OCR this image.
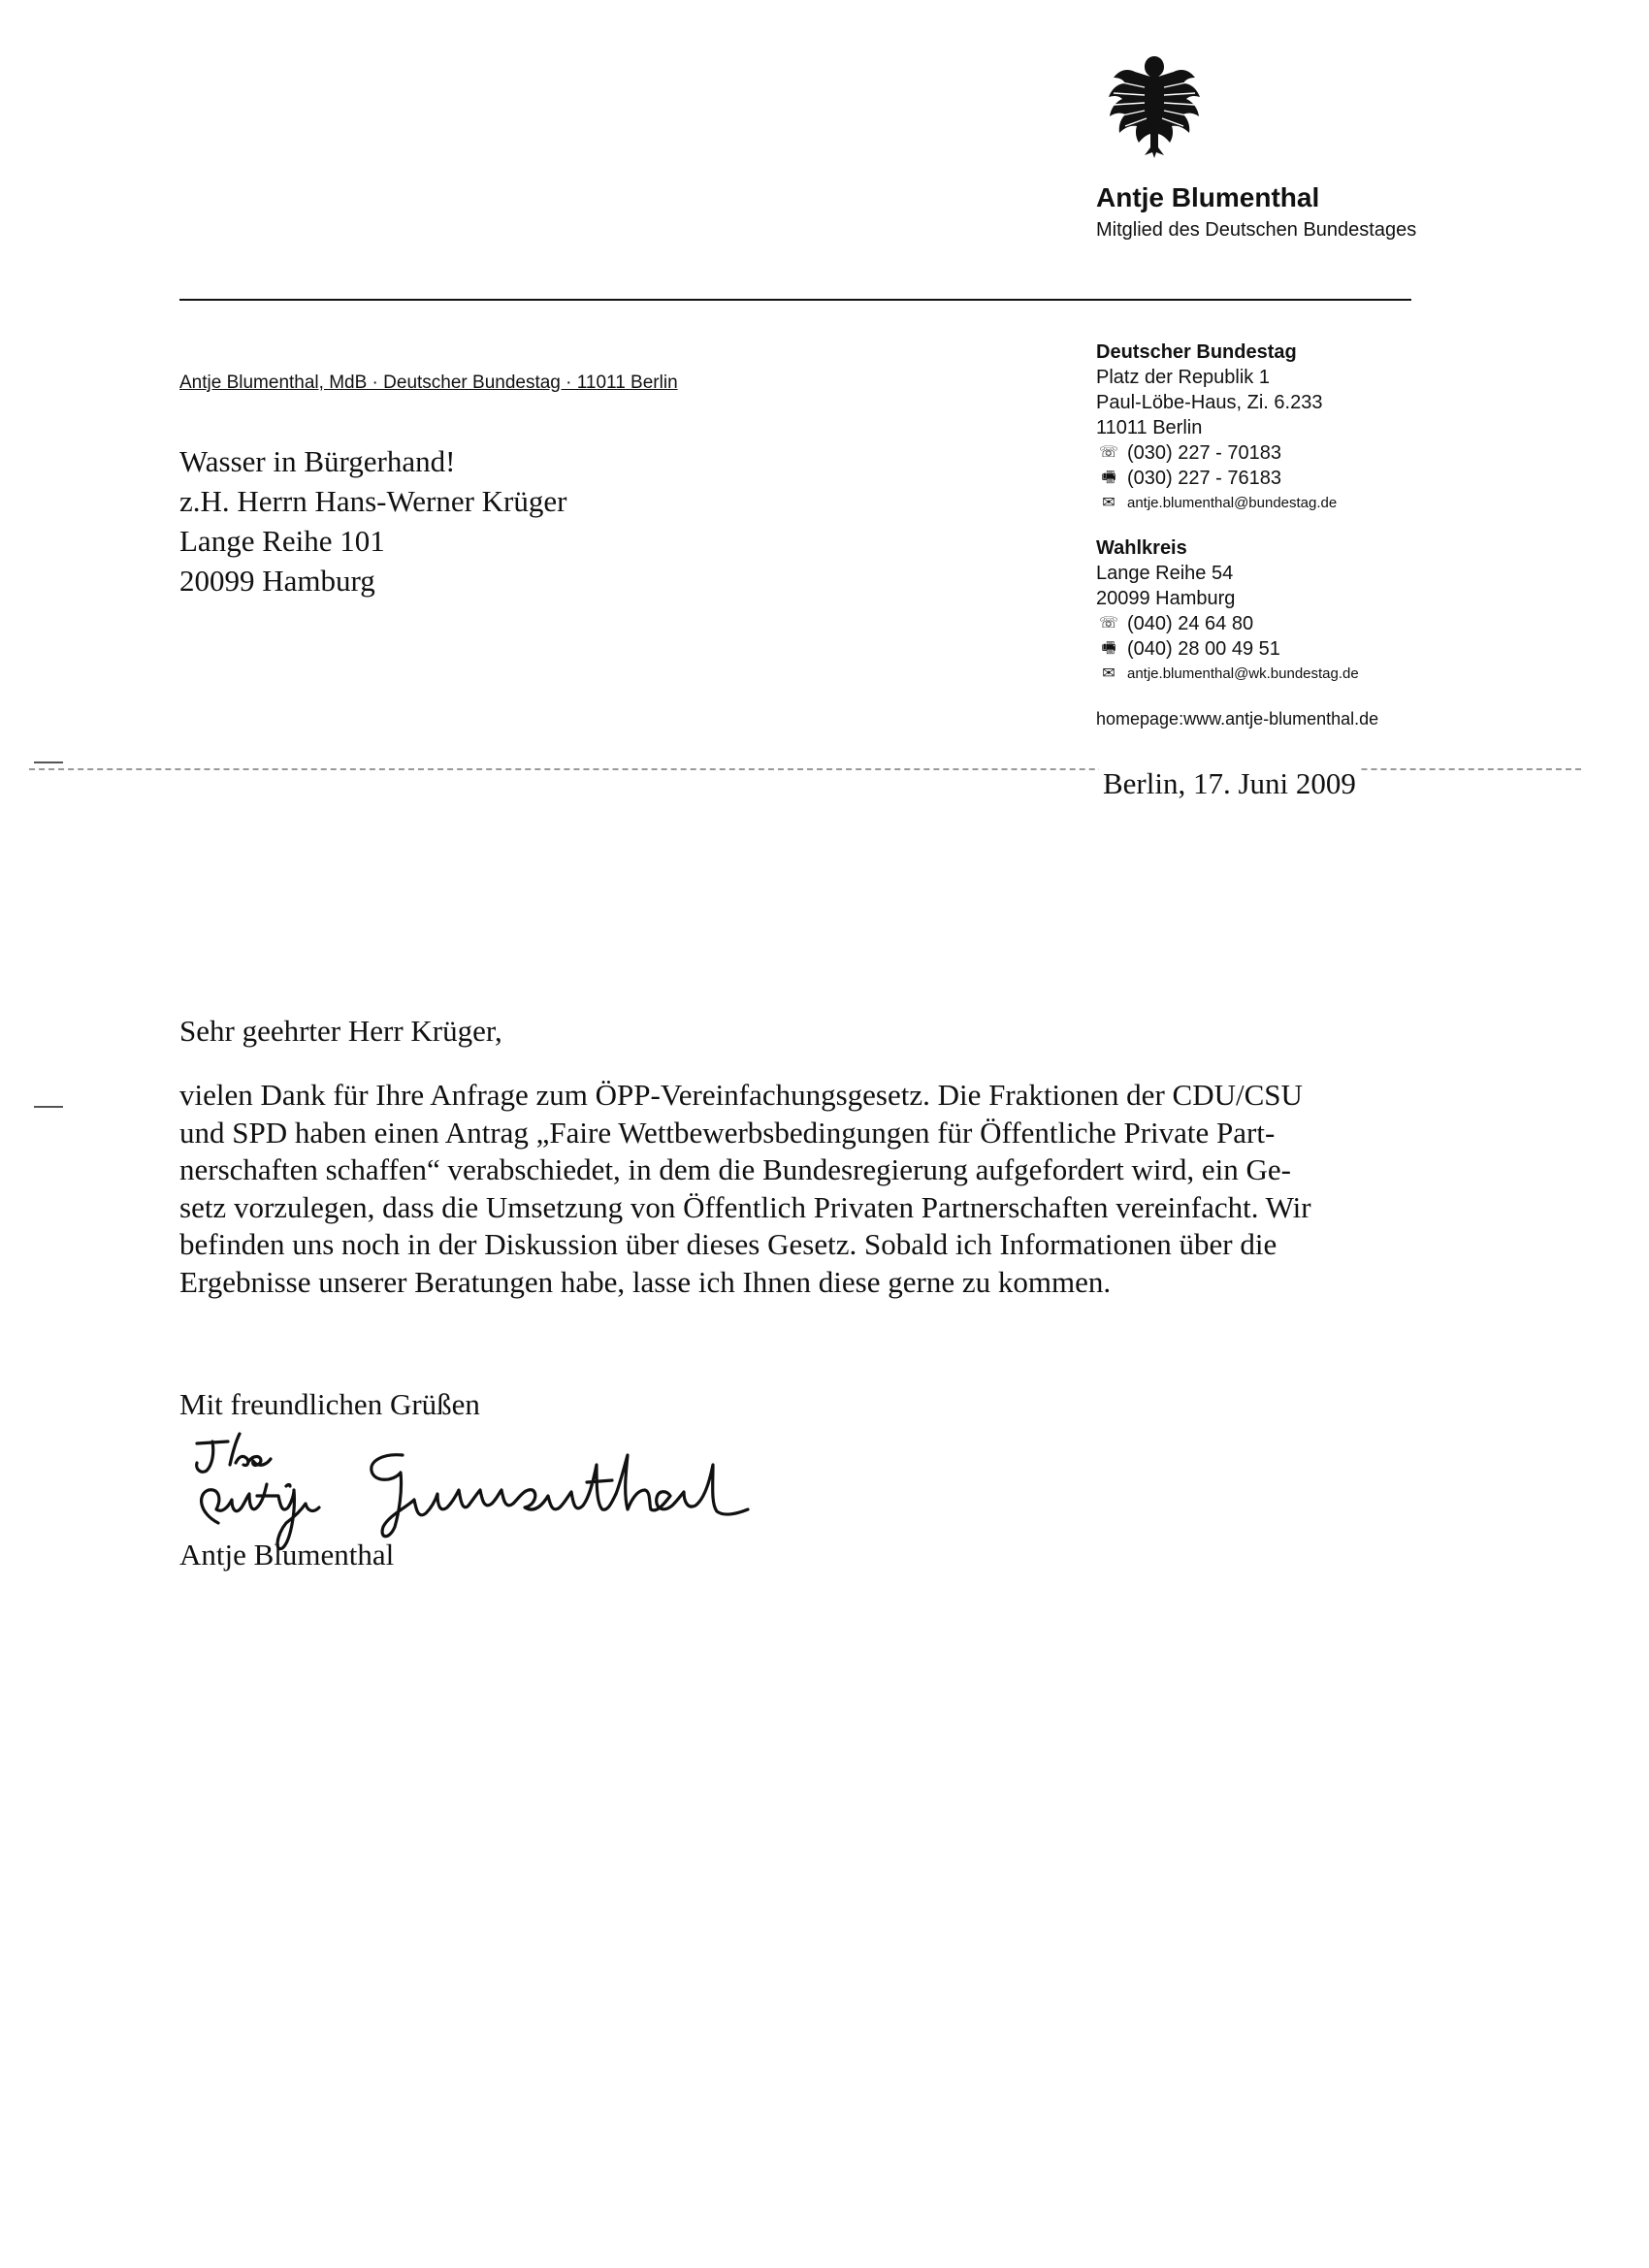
Antje Blumenthal
Mitglied des Deutschen Bundestages
Antje Blumenthal, MdB · Deutscher Bundestag · 11011 Berlin
Wasser in Bürgerhand!
z.H. Herrn Hans-Werner Krüger
Lange Reihe 101
20099 Hamburg
Deutscher Bundestag
Platz der Republik 1
Paul-Löbe-Haus, Zi. 6.233
11011 Berlin
☏ (030) 227 - 70183
🖷 (030) 227 - 76183
✉ antje.blumenthal@bundestag.de
Wahlkreis
Lange Reihe 54
20099 Hamburg
☏ (040) 24 64 80
🖷 (040) 28 00 49 51
✉ antje.blumenthal@wk.bundestag.de
homepage:www.antje-blumenthal.de
Berlin, 17. Juni 2009
Sehr geehrter Herr Krüger,
vielen Dank für Ihre Anfrage zum ÖPP-Vereinfachungsgesetz. Die Fraktionen der CDU/CSU
und SPD haben einen Antrag „Faire Wettbewerbsbedingungen für Öffentliche Private Part-
nerschaften schaffen“ verabschiedet, in dem die Bundesregierung aufgefordert wird, ein Ge-
setz vorzulegen, dass die Umsetzung von Öffentlich Privaten Partnerschaften vereinfacht. Wir
befinden uns noch in der Diskussion über dieses Gesetz. Sobald ich Informationen über die
Ergebnisse unserer Beratungen habe, lasse ich Ihnen diese gerne zu kommen.
Mit freundlichen Grüßen
Antje Blumenthal
